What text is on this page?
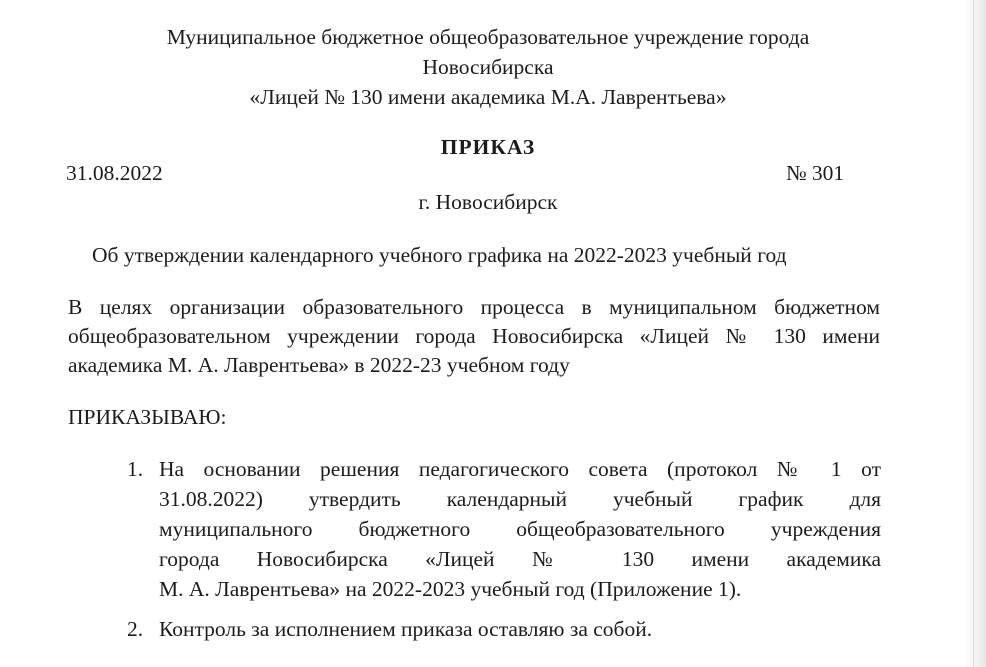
Муниципальное бюджетное общеобразовательное учреждение города
Новосибирска
«Лицей № 130 имени академика М.А. Лаврентьева»
ПРИКАЗ
31.08.2022	№ 301
г. Новосибирск
Об утверждении календарного учебного графика на 2022-2023 учебный год
В целях организации образовательного процесса в муниципальном бюджетном
общеобразовательном учреждении города Новосибирска «Лицей № 130 имени
академика М. А. Лаврентьева» в 2022-23 учебном году
ПРИКАЗЫВАЮ:
1. На основании решения педагогического совета (протокол № 1 от
31.08.2022) утвердить календарный учебный график для
муниципального бюджетного общеобразовательного учреждения
города Новосибирска «Лицей № 130 имени академика
М. А. Лаврентьева» на 2022-2023 учебный год (Приложение 1).
2. Контроль за исполнением приказа оставляю за собой.
